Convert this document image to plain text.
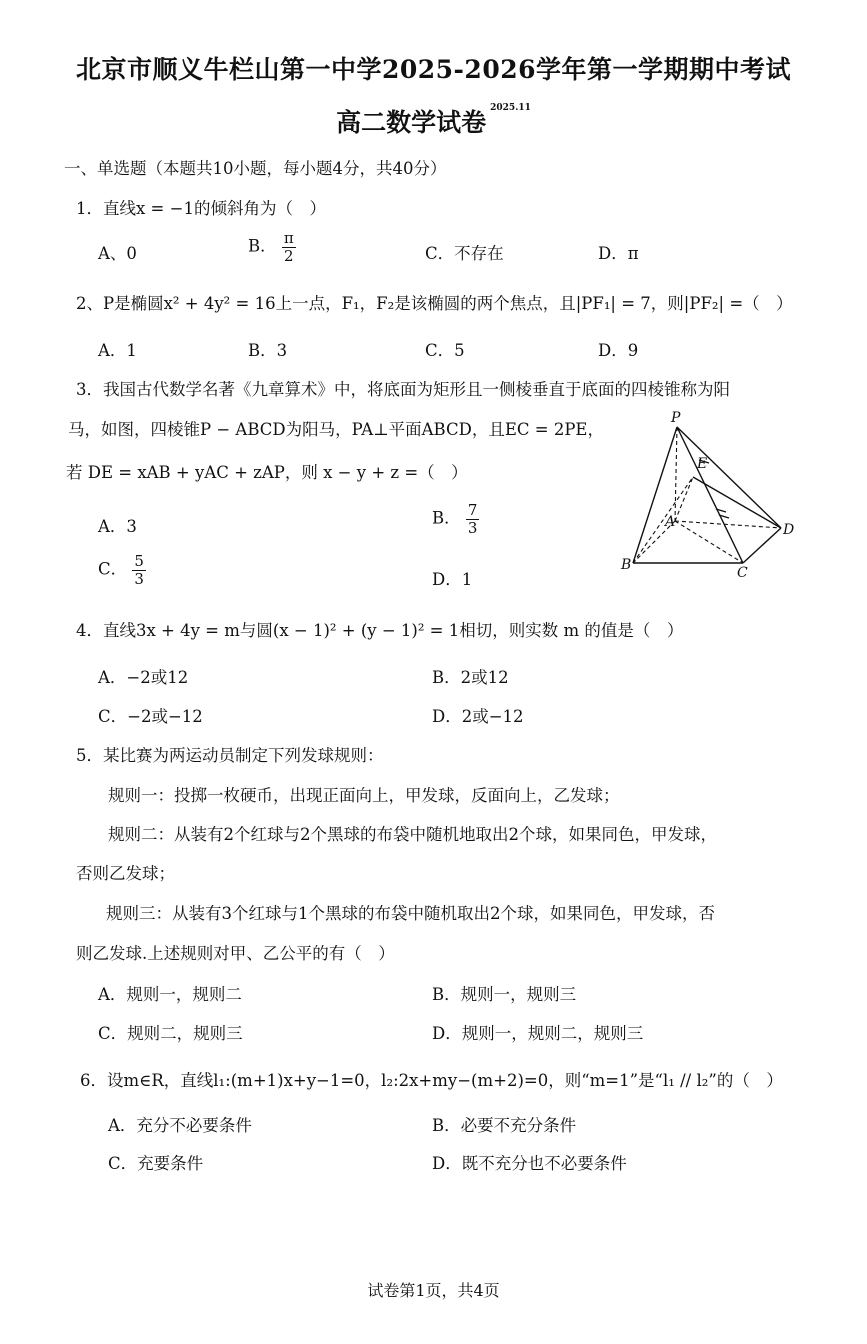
北京市顺义牛栏山第一中学2025-2026学年第一学期期中考试
高二数学试卷 $^{2025.11}$
一、单选题（本题共10小题，每小题4分，共40分）
1．直线x = −1的倾斜角为（　）
A、0	B． $\frac{\pi}{2}$	C．不存在	D．π
2、P是椭圆x² + 4y² = 16上一点，F₁，F₂是该椭圆的两个焦点，且|PF₁| = 7，则|PF₂| =（　）
A．1	B．3	C．5	D．9
3．我国古代数学名著《九章算术》中，将底面为矩形且一侧棱垂直于底面的四棱锥称为阳
马，如图，四棱锥P − ABCD为阳马，PA⊥平面ABCD，且EC = 2PE，
若 DE = xAB + yAC + zAP，则 x − y + z =（　）
A．3	B． $\frac{7}{3}$
C． $\frac{5}{3}$	D．1
P
E
A	D
B	C
4．直线3x + 4y = m与圆(x − 1)² + (y − 1)² = 1相切，则实数 m 的值是（　）
A．−2或12	B．2或12
C．−2或−12	D．2或−12
5．某比赛为两运动员制定下列发球规则：
规则一：投掷一枚硬币，出现正面向上，甲发球，反面向上，乙发球；
规则二：从装有2个红球与2个黑球的布袋中随机地取出2个球，如果同色，甲发球，
否则乙发球；
规则三：从装有3个红球与1个黑球的布袋中随机取出2个球，如果同色，甲发球，否
则乙发球.上述规则对甲、乙公平的有（　）
A．规则一，规则二	B．规则一，规则三
C．规则二，规则三	D．规则一，规则二，规则三
6．设m∈R，直线l₁:(m+1)x+y−1=0，l₂:2x+my−(m+2)=0，则“m=1”是“l₁ // l₂”的（　）
A．充分不必要条件	B．必要不充分条件
C．充要条件	D．既不充分也不必要条件
试卷第1页，共4页
